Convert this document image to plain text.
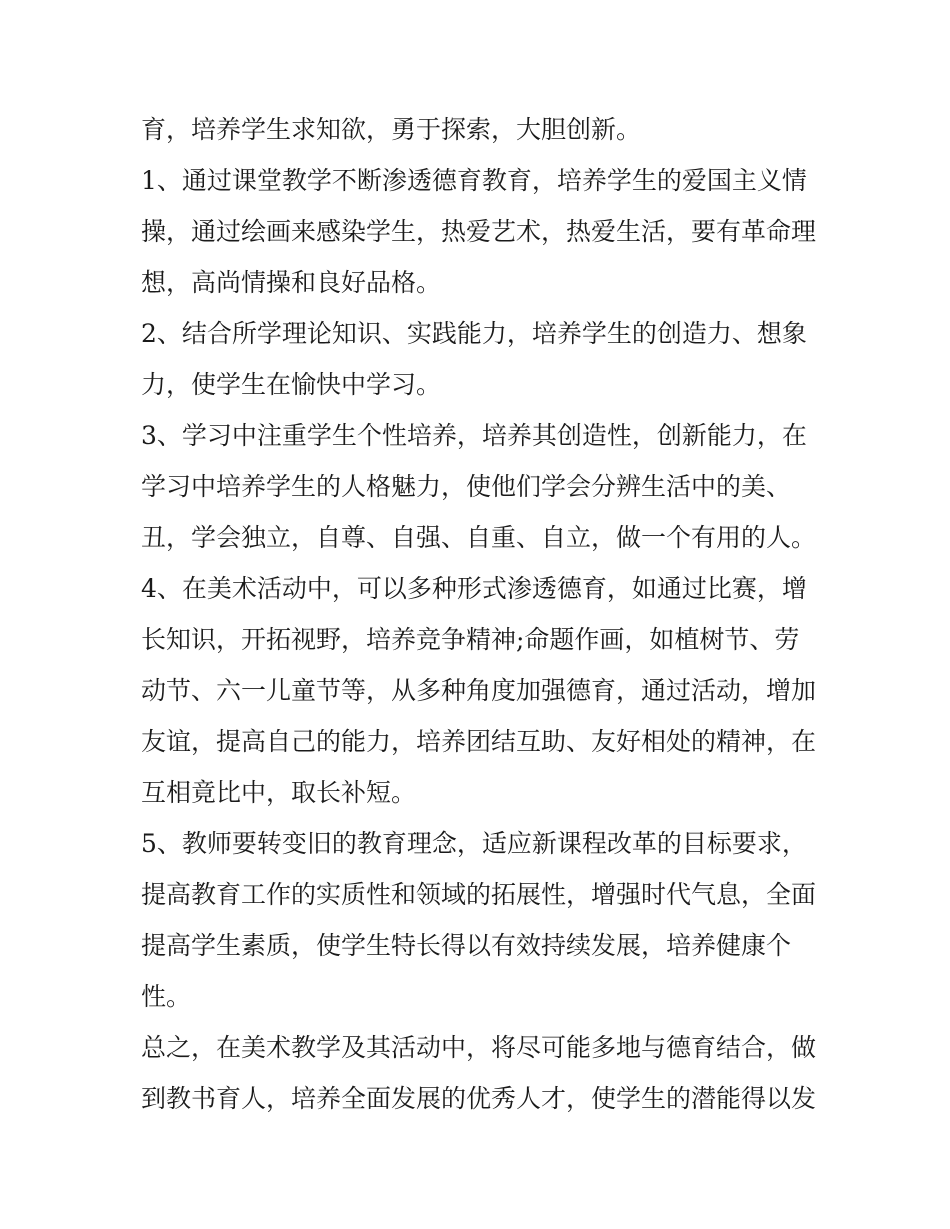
育，培养学生求知欲，勇于探索，大胆创新。
1、通过课堂教学不断渗透德育教育，培养学生的爱国主义情
操，通过绘画来感染学生，热爱艺术，热爱生活，要有革命理
想，高尚情操和良好品格。
2、结合所学理论知识、实践能力，培养学生的创造力、想象
力，使学生在愉快中学习。
3、学习中注重学生个性培养，培养其创造性，创新能力，在
学习中培养学生的人格魅力，使他们学会分辨生活中的美、
丑，学会独立，自尊、自强、自重、自立，做一个有用的人。
4、在美术活动中，可以多种形式渗透德育，如通过比赛，增
长知识，开拓视野，培养竞争精神;命题作画，如植树节、劳
动节、六一儿童节等，从多种角度加强德育，通过活动，增加
友谊，提高自己的能力，培养团结互助、友好相处的精神，在
互相竟比中，取长补短。
5、教师要转变旧的教育理念，适应新课程改革的目标要求，
提高教育工作的实质性和领域的拓展性，增强时代气息，全面
提高学生素质，使学生特长得以有效持续发展，培养健康个
性。
总之，在美术教学及其活动中，将尽可能多地与德育结合，做
到教书育人，培养全面发展的优秀人才，使学生的潜能得以发
